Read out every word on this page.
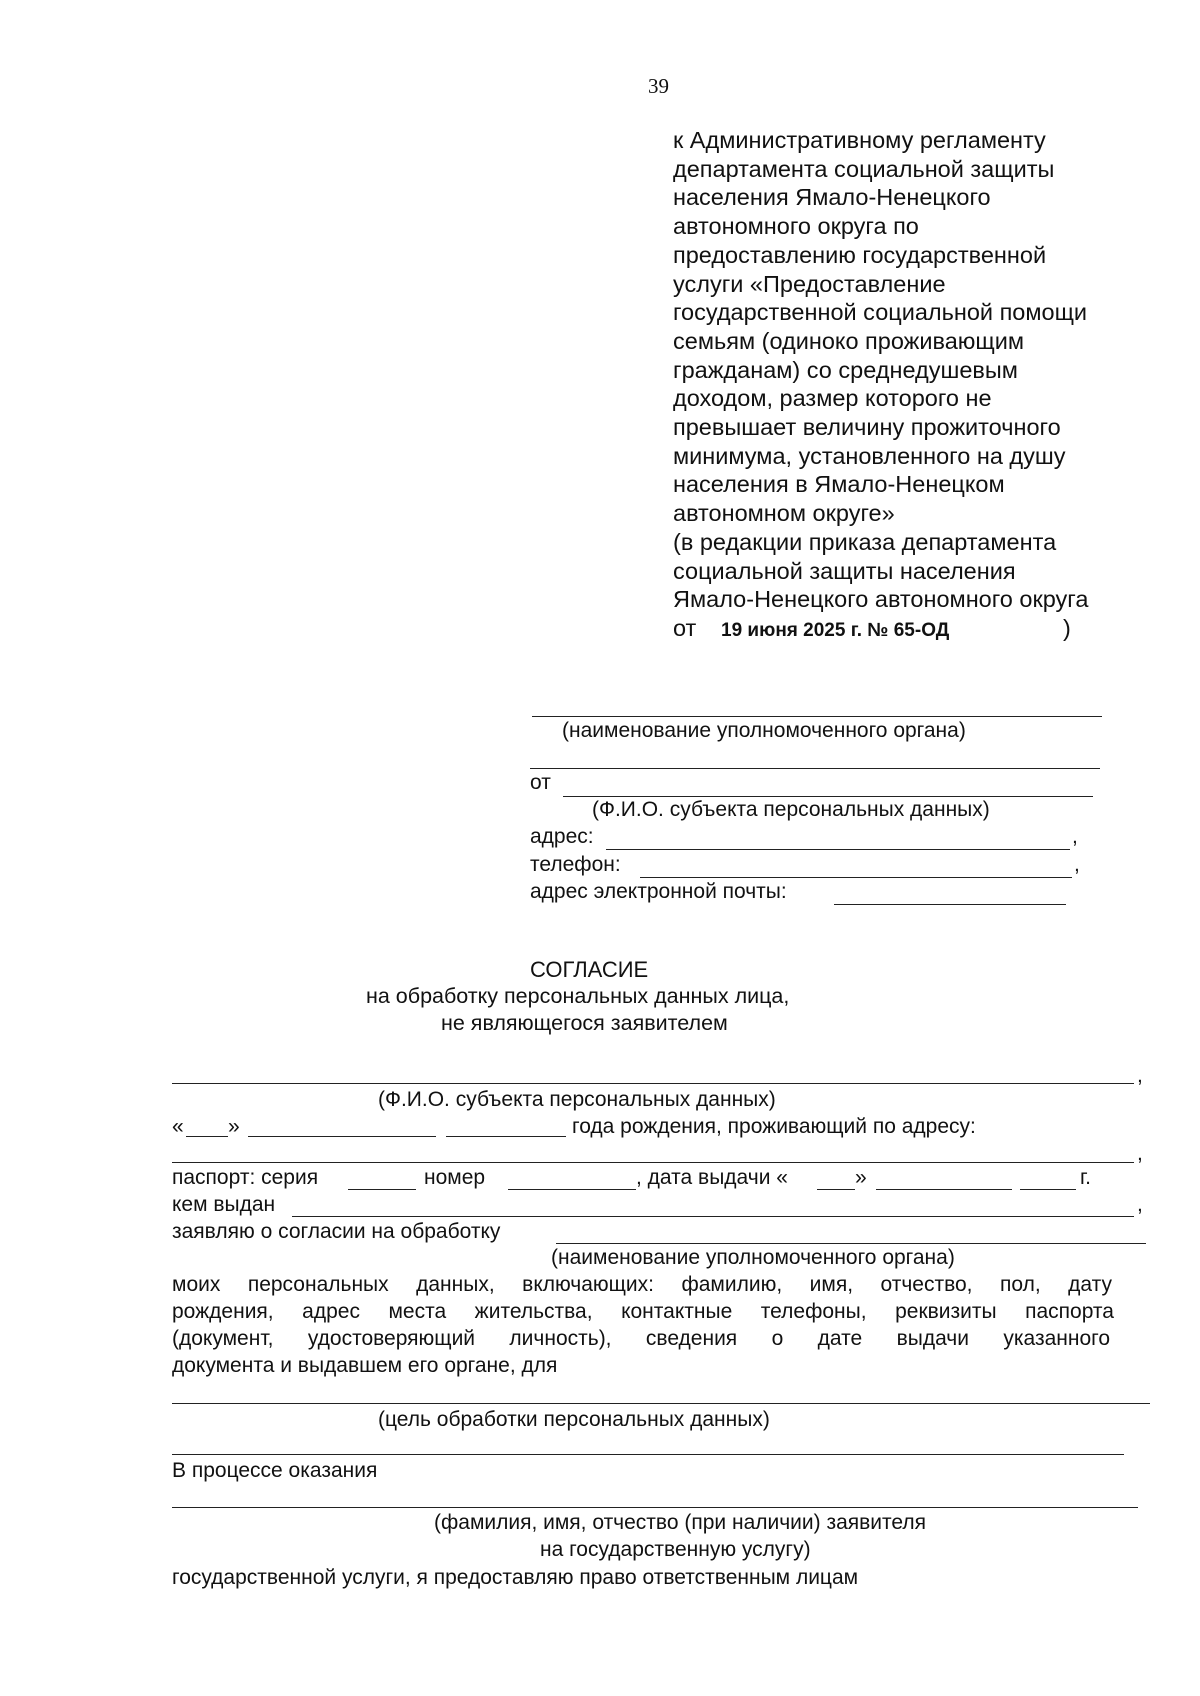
39
к Административному регламенту
департамента социальной защиты
населения Ямало-Ненецкого
автономного округа по
предоставлению государственной
услуги «Предоставление
государственной социальной помощи
семьям (одиноко проживающим
гражданам) со среднедушевым
доходом, размер которого не
превышает величину прожиточного
минимума, установленного на душу
населения в Ямало-Ненецком
автономном округе»
(в редакции приказа департамента
социальной защиты населения
Ямало-Ненецкого автономного округа
от 19 июня 2025 г. № 65-ОД	)
(наименование уполномоченного органа)
от
(Ф.И.О. субъекта персональных данных)
адрес:	,
телефон:	,
адрес электронной почты:
СОГЛАСИЕ
на обработку персональных данных лица,
не являющегося заявителем
,
(Ф.И.О. субъекта персональных данных)
« »	года рождения, проживающий по адресу:
,
паспорт: серия	номер	, дата выдачи «	»	г.
кем выдан	,
заявляю о согласии на обработку
(наименование уполномоченного органа)
моих персональных данных, включающих: фамилию, имя, отчество, пол, дату
рождения, адрес места жительства, контактные телефоны, реквизиты паспорта
(документ, удостоверяющий личность), сведения о дате выдачи указанного
документа и выдавшем его органе, для
(цель обработки персональных данных)
В процессе оказания
(фамилия, имя, отчество (при наличии) заявителя
на государственную услугу)
государственной услуги, я предоставляю право ответственным лицам
